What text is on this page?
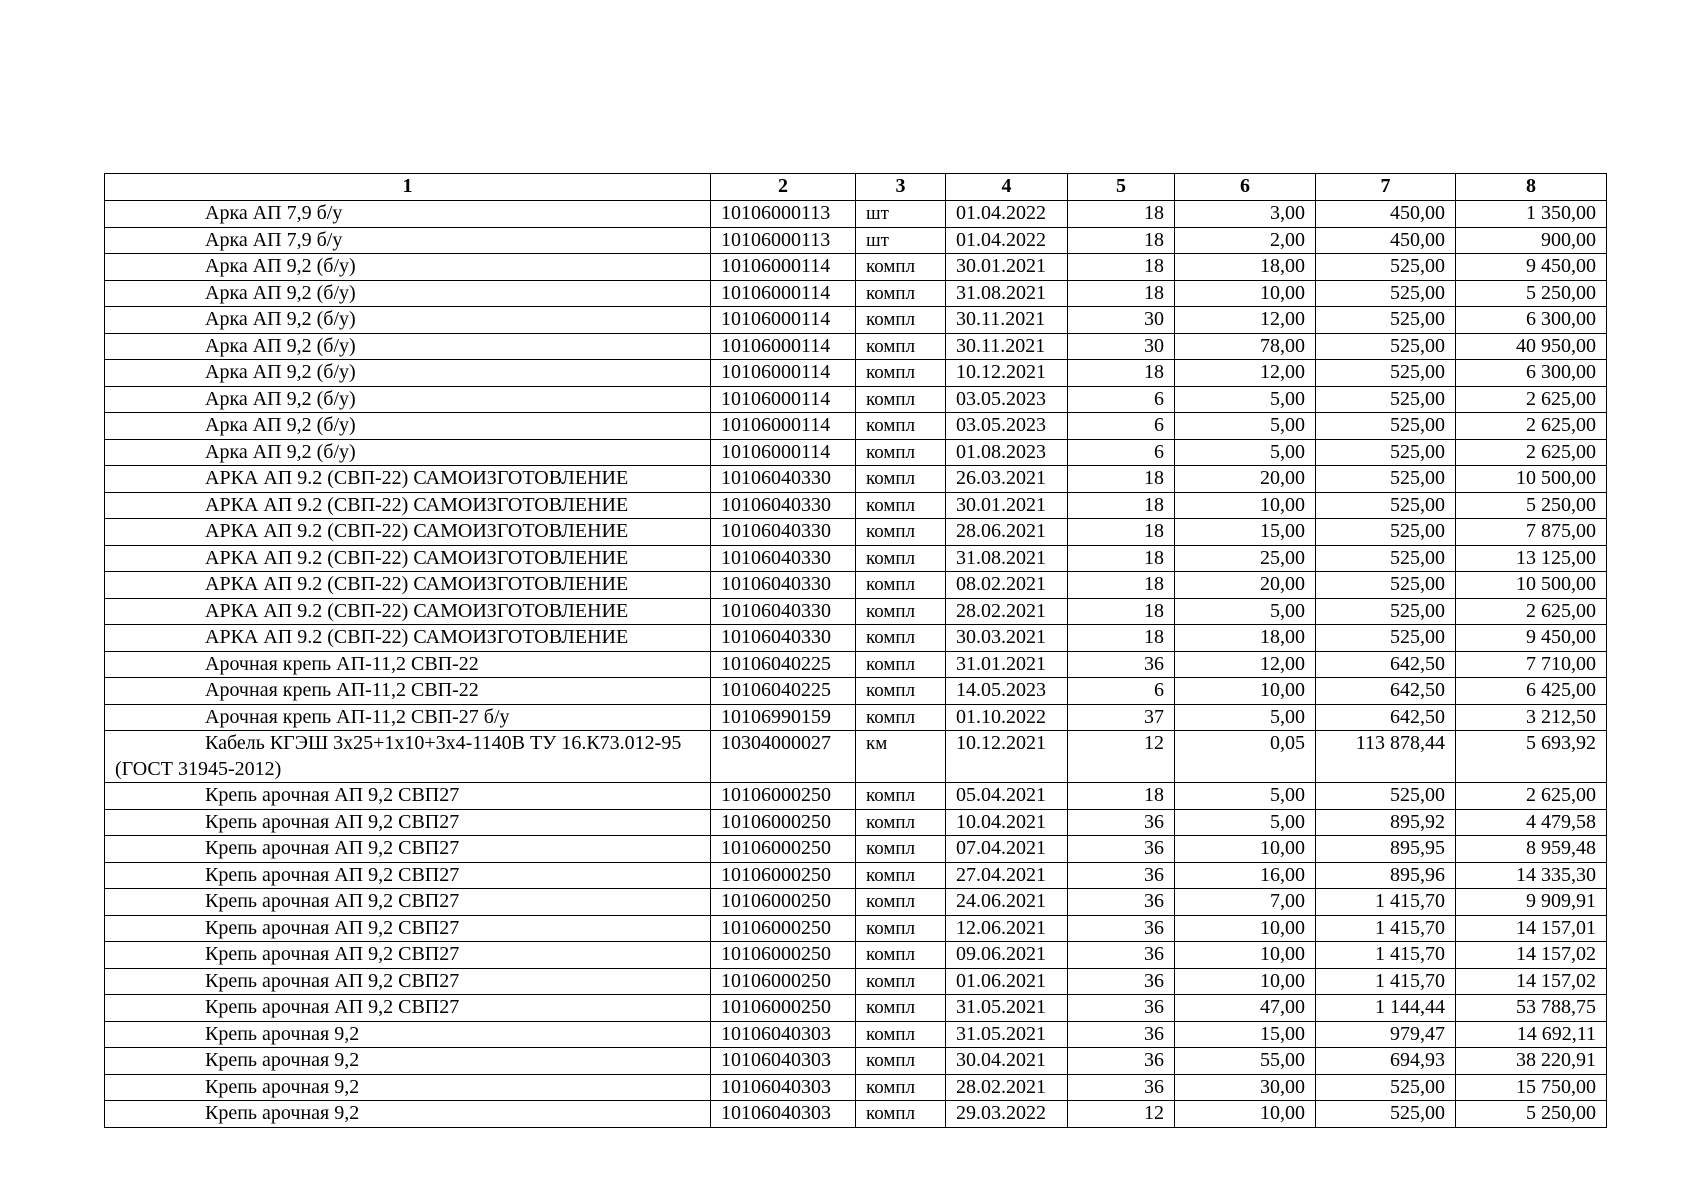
1	2	3	4	5	6	7	8
Арка АП 7,9 б/у	10106000113	шт	01.04.2022	18	3,00	450,00	1 350,00
Арка АП 7,9 б/у	10106000113	шт	01.04.2022	18	2,00	450,00	900,00
Арка АП 9,2 (б/у)	10106000114	компл	30.01.2021	18	18,00	525,00	9 450,00
Арка АП 9,2 (б/у)	10106000114	компл	31.08.2021	18	10,00	525,00	5 250,00
Арка АП 9,2 (б/у)	10106000114	компл	30.11.2021	30	12,00	525,00	6 300,00
Арка АП 9,2 (б/у)	10106000114	компл	30.11.2021	30	78,00	525,00	40 950,00
Арка АП 9,2 (б/у)	10106000114	компл	10.12.2021	18	12,00	525,00	6 300,00
Арка АП 9,2 (б/у)	10106000114	компл	03.05.2023	6	5,00	525,00	2 625,00
Арка АП 9,2 (б/у)	10106000114	компл	03.05.2023	6	5,00	525,00	2 625,00
Арка АП 9,2 (б/у)	10106000114	компл	01.08.2023	6	5,00	525,00	2 625,00
АРКА АП 9.2 (СВП-22) САМОИЗГОТОВЛЕНИЕ	10106040330	компл	26.03.2021	18	20,00	525,00	10 500,00
АРКА АП 9.2 (СВП-22) САМОИЗГОТОВЛЕНИЕ	10106040330	компл	30.01.2021	18	10,00	525,00	5 250,00
АРКА АП 9.2 (СВП-22) САМОИЗГОТОВЛЕНИЕ	10106040330	компл	28.06.2021	18	15,00	525,00	7 875,00
АРКА АП 9.2 (СВП-22) САМОИЗГОТОВЛЕНИЕ	10106040330	компл	31.08.2021	18	25,00	525,00	13 125,00
АРКА АП 9.2 (СВП-22) САМОИЗГОТОВЛЕНИЕ	10106040330	компл	08.02.2021	18	20,00	525,00	10 500,00
АРКА АП 9.2 (СВП-22) САМОИЗГОТОВЛЕНИЕ	10106040330	компл	28.02.2021	18	5,00	525,00	2 625,00
АРКА АП 9.2 (СВП-22) САМОИЗГОТОВЛЕНИЕ	10106040330	компл	30.03.2021	18	18,00	525,00	9 450,00
Арочная крепь АП-11,2 СВП-22	10106040225	компл	31.01.2021	36	12,00	642,50	7 710,00
Арочная крепь АП-11,2 СВП-22	10106040225	компл	14.05.2023	6	10,00	642,50	6 425,00
Арочная крепь АП-11,2 СВП-27 б/у	10106990159	компл	01.10.2022	37	5,00	642,50	3 212,50
Кабель КГЭШ 3х25+1х10+3х4-1140В ТУ 16.К73.012-95 (ГОСТ 31945-2012)	10304000027	км	10.12.2021	12	0,05	113 878,44	5 693,92
Крепь арочная АП 9,2 СВП27	10106000250	компл	05.04.2021	18	5,00	525,00	2 625,00
Крепь арочная АП 9,2 СВП27	10106000250	компл	10.04.2021	36	5,00	895,92	4 479,58
Крепь арочная АП 9,2 СВП27	10106000250	компл	07.04.2021	36	10,00	895,95	8 959,48
Крепь арочная АП 9,2 СВП27	10106000250	компл	27.04.2021	36	16,00	895,96	14 335,30
Крепь арочная АП 9,2 СВП27	10106000250	компл	24.06.2021	36	7,00	1 415,70	9 909,91
Крепь арочная АП 9,2 СВП27	10106000250	компл	12.06.2021	36	10,00	1 415,70	14 157,01
Крепь арочная АП 9,2 СВП27	10106000250	компл	09.06.2021	36	10,00	1 415,70	14 157,02
Крепь арочная АП 9,2 СВП27	10106000250	компл	01.06.2021	36	10,00	1 415,70	14 157,02
Крепь арочная АП 9,2 СВП27	10106000250	компл	31.05.2021	36	47,00	1 144,44	53 788,75
Крепь арочная 9,2	10106040303	компл	31.05.2021	36	15,00	979,47	14 692,11
Крепь арочная 9,2	10106040303	компл	30.04.2021	36	55,00	694,93	38 220,91
Крепь арочная 9,2	10106040303	компл	28.02.2021	36	30,00	525,00	15 750,00
Крепь арочная 9,2	10106040303	компл	29.03.2022	12	10,00	525,00	5 250,00
